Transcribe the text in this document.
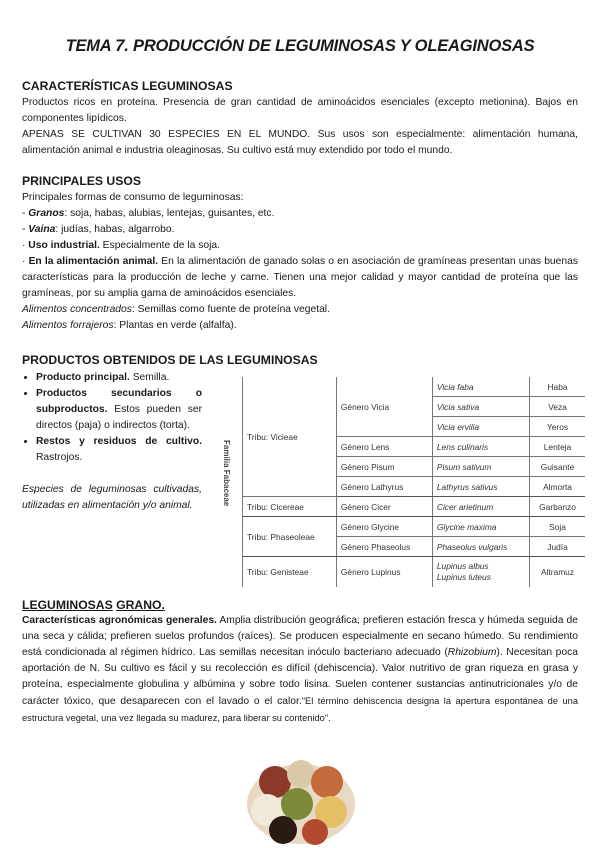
TEMA 7. PRODUCCIÓN DE LEGUMINOSAS Y OLEAGINOSAS
CARACTERÍSTICAS LEGUMINOSAS
Productos ricos en proteína. Presencia de gran cantidad de aminoácidos esenciales (excepto metionina). Bajos en componentes lipídicos.
APENAS SE CULTIVAN 30 ESPECIES EN EL MUNDO. Sus usos son especialmente: alimentación humana, alimentación animal e industria oleaginosas. Su cultivo está muy extendido por todo el mundo.
PRINCIPALES USOS
Principales formas de consumo de leguminosas:
- Granos: soja, habas, alubias, lentejas, guisantes, etc.
- Vaina: judías, habas, algarrobo.
· Uso industrial. Especialmente de la soja.
· En la alimentación animal. En la alimentación de ganado solas o en asociación de gramíneas presentan unas buenas características para la producción de leche y carne. Tienen una mejor calidad y mayor cantidad de proteína que las gramíneas, por su amplia gama de aminoácidos esenciales.
Alimentos concentrados: Semillas como fuente de proteína vegetal.
Alimentos forrajeros: Plantas en verde (alfalfa).
PRODUCTOS OBTENIDOS DE LAS LEGUMINOSAS
• Producto principal. Semilla.
• Productos secundarios o subproductos. Estos pueden ser directos (paja) o indirectos (torta).
• Restos y residuos de cultivo. Rastrojos.
Especies de leguminosas cultivadas, utilizadas en alimentación y/o animal.	Familia Fabaceae
Tribu: Vicieae	Género Vicia	Vicia faba	Haba
		Vicia sativa	Veza
		Vicia ervilia	Yeros
	Género Lens	Lens culinaris	Lenteja
	Género Pisum	Pisum sativum	Guisante
	Género Lathyrus	Lathyrus sativus	Almorta
Tribu: Cicereae	Género Cicer	Cicer arietinum	Garbanzo
Tribu: Phaseoleae	Género Glycine	Glycine maxima	Soja
	Género Phaseolus	Phaseolus vulgaris	Judía
Tribu: Genisteae	Género Lupinus	Lupinus albus
Lupinus luteus	Altramuz
LEGUMINOSAS GRANO.
Características agronómicas generales. Amplia distribución geográfica; prefieren estación fresca y húmeda seguida de una seca y cálida; prefieren suelos profundos (raíces). Se producen especialmente en secano húmedo. Su rendimiento está condicionada al régimen hídrico. Las semillas necesitan inóculo bacteriano adecuado (Rhizobium). Necesitan poca aportación de N. Su cultivo es fácil y su recolección es difícil (dehiscencia). Valor nutritivo de gran riqueza en grasa y proteína, especialmente globulina y albúmina y sobre todo lisina. Suelen contener sustancias antinutricionales y/o de carácter tóxico, que desaparecen con el lavado o el calor."El término dehiscencia designa la apertura espontánea de una estructura vegetal, una vez llegada su madurez, para liberar su contenido".
